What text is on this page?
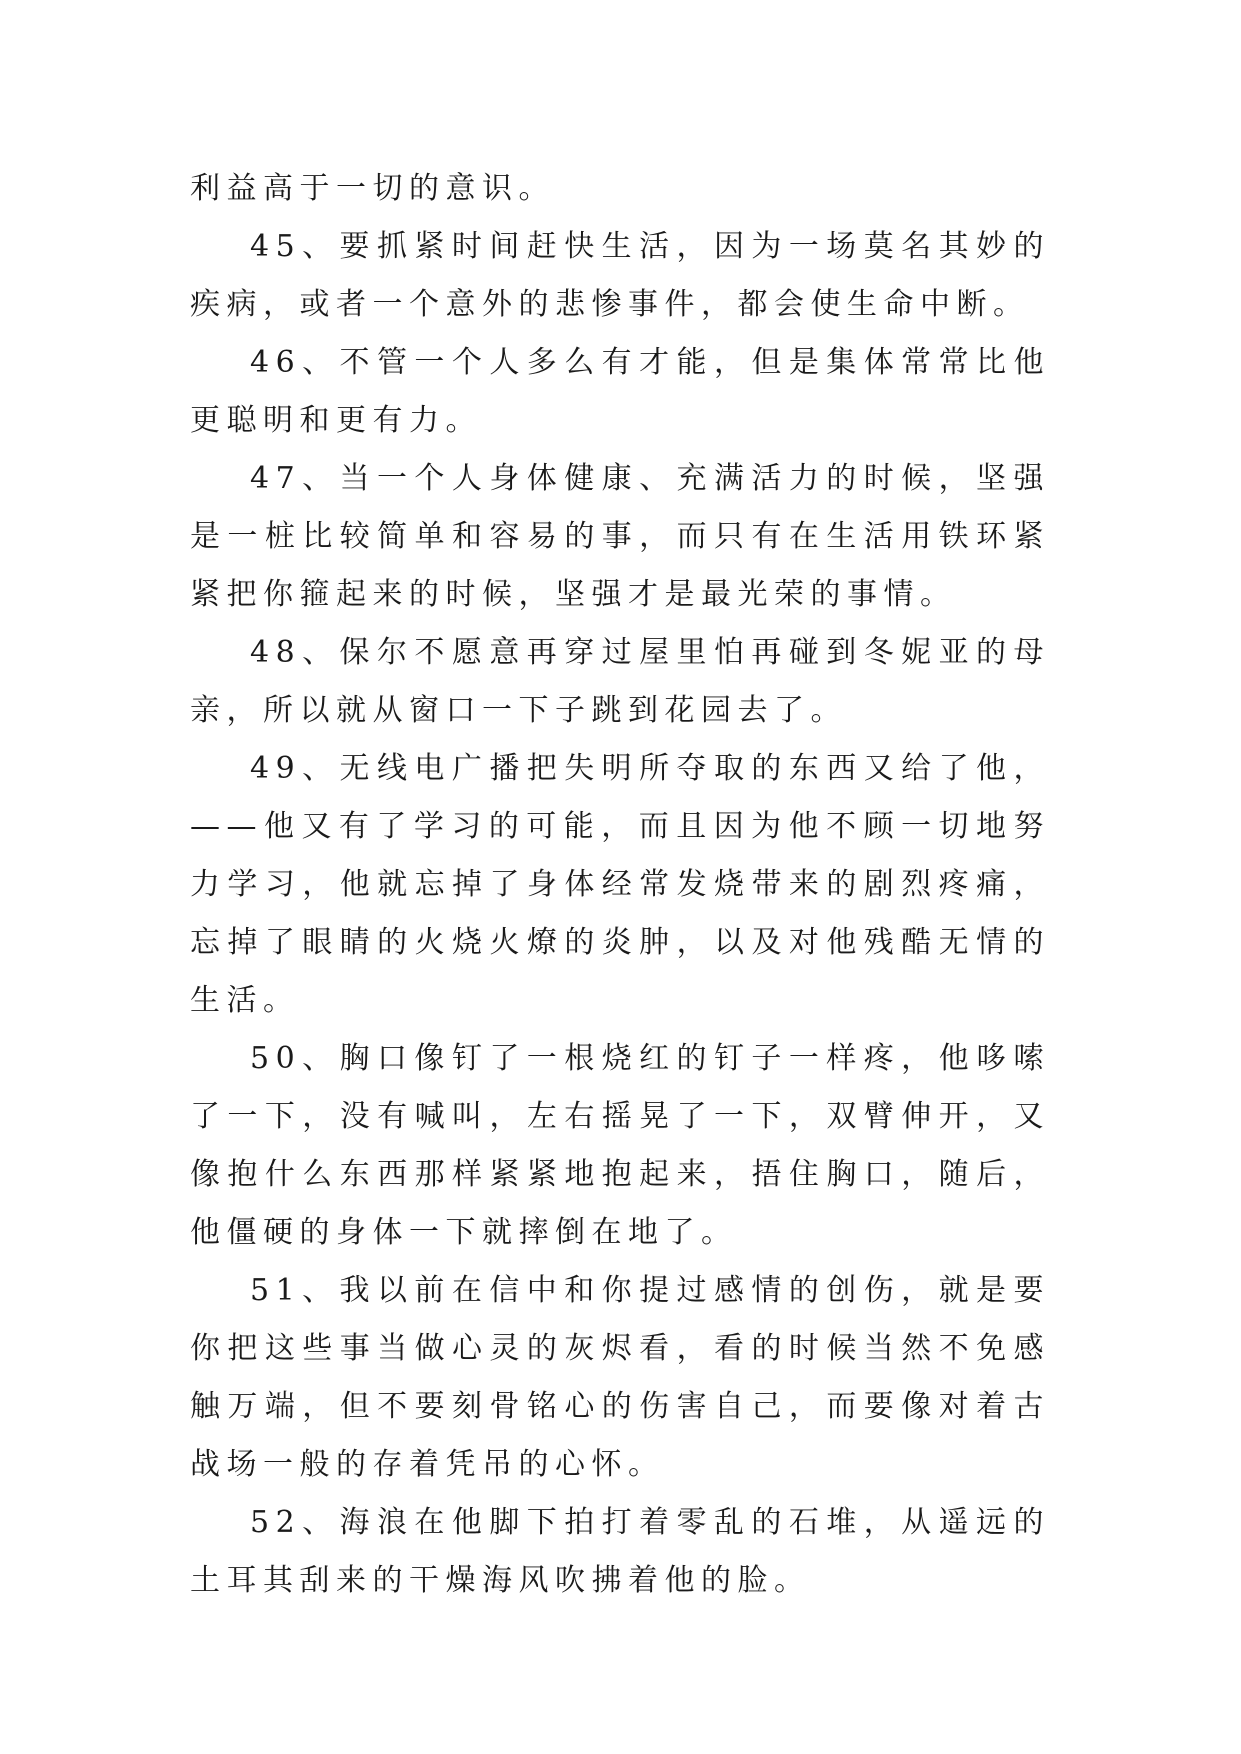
利益高于一切的意识。

45、要抓紧时间赶快生活，因为一场莫名其妙的疾病，或者一个意外的悲惨事件，都会使生命中断。

46、不管一个人多么有才能，但是集体常常比他更聪明和更有力。

47、当一个人身体健康、充满活力的时候，坚强是一桩比较简单和容易的事，而只有在生活用铁环紧紧把你箍起来的时候，坚强才是最光荣的事情。

48、保尔不愿意再穿过屋里怕再碰到冬妮亚的母亲，所以就从窗口一下子跳到花园去了。

49、无线电广播把失明所夺取的东西又给了他，——他又有了学习的可能，而且因为他不顾一切地努力学习，他就忘掉了身体经常发烧带来的剧烈疼痛，忘掉了眼睛的火烧火燎的炎肿，以及对他残酷无情的生活。

50、胸口像钉了一根烧红的钉子一样疼，他哆嗦了一下，没有喊叫，左右摇晃了一下，双臂伸开，又像抱什么东西那样紧紧地抱起来，捂住胸口，随后，他僵硬的身体一下就摔倒在地了。

51、我以前在信中和你提过感情的创伤，就是要你把这些事当做心灵的灰烬看，看的时候当然不免感触万端，但不要刻骨铭心的伤害自己，而要像对着古战场一般的存着凭吊的心怀。

52、海浪在他脚下拍打着零乱的石堆，从遥远的土耳其刮来的干燥海风吹拂着他的脸。
